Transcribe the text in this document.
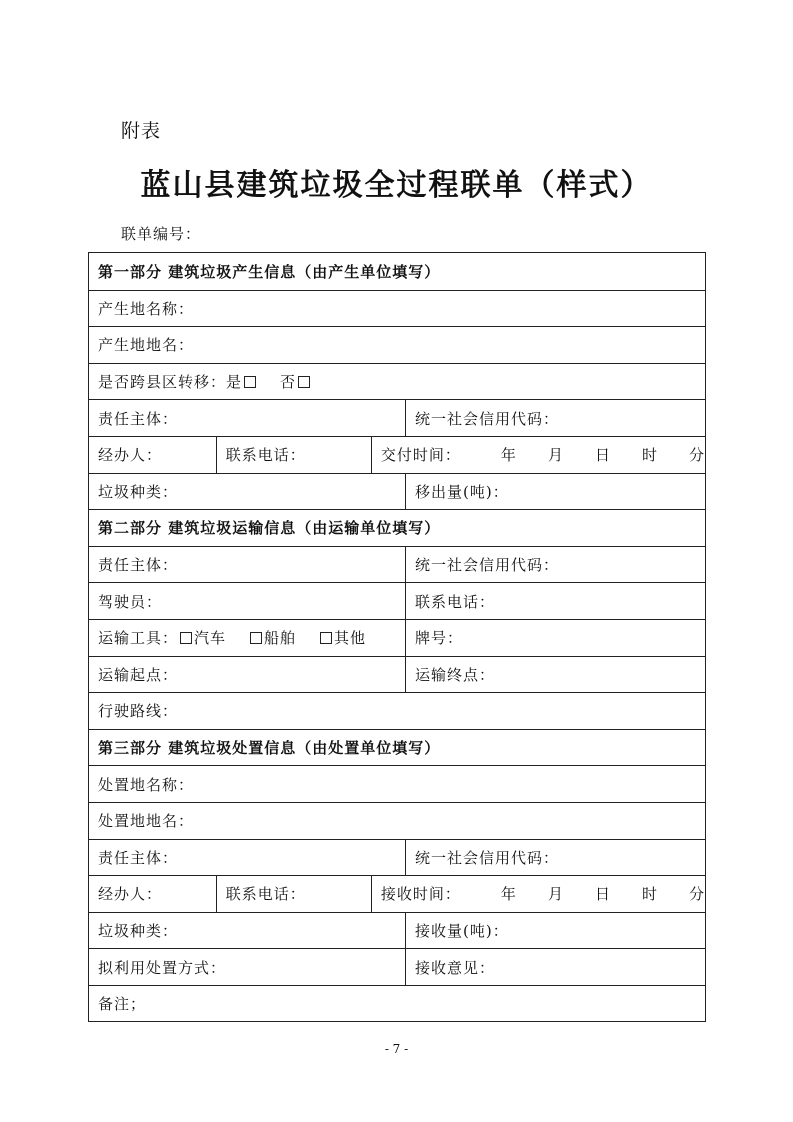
附表
蓝山县建筑垃圾全过程联单（样式）
联单编号：
第一部分 建筑垃圾产生信息（由产生单位填写）
产生地名称：
产生地地名：
是否跨县区转移： 是	否
责任主体：	统一社会信用代码：
经办人：	联系电话：	交付时间：	年 月 日 时 分
垃圾种类：	移出量(吨)：
第二部分 建筑垃圾运输信息（由运输单位填写）
责任主体：	统一社会信用代码：
驾驶员：	联系电话：
运输工具： 汽车	船舶	其他	牌号：
运输起点：	运输终点：
行驶路线：
第三部分 建筑垃圾处置信息（由处置单位填写）
处置地名称：
处置地地名：
责任主体：	统一社会信用代码：
经办人：	联系电话：	接收时间：	年 月 日 时 分
垃圾种类：	接收量(吨)：
拟利用处置方式：	接收意见：
备注；
- 7 -
